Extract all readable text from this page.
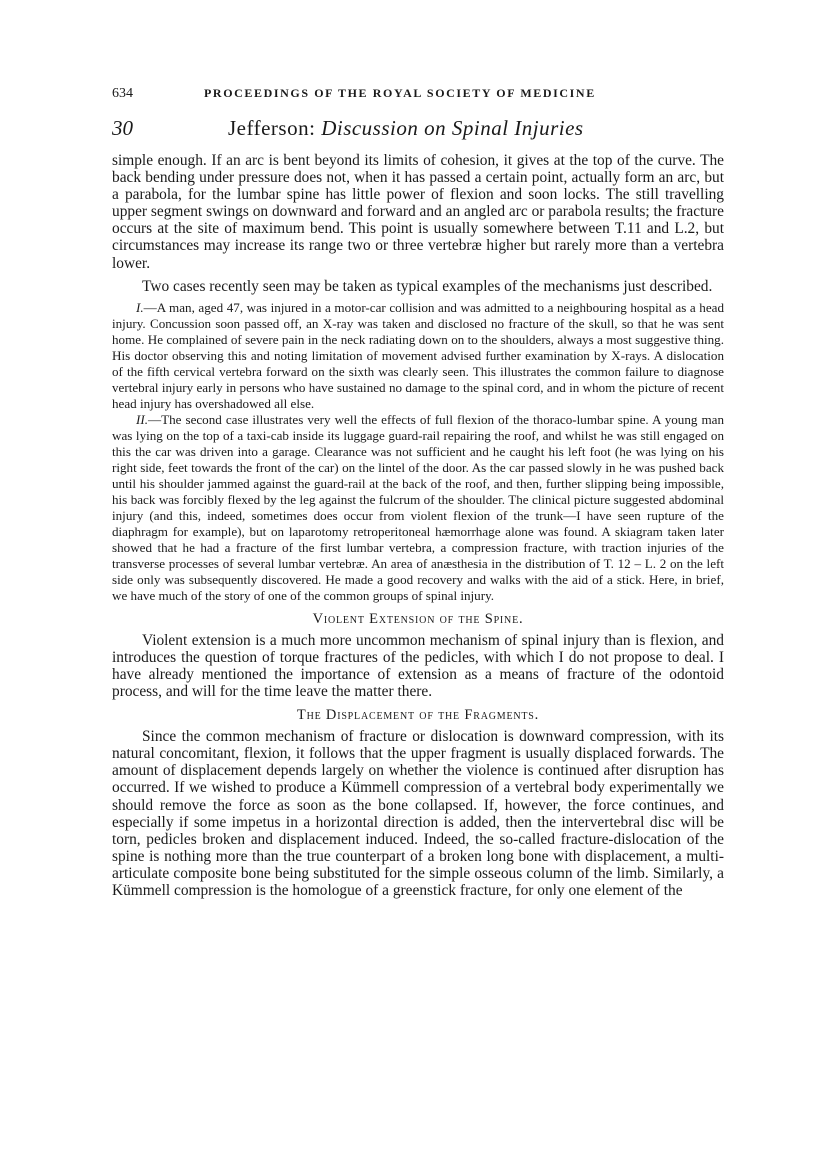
634	PROCEEDINGS OF THE ROYAL SOCIETY OF MEDICINE
30	Jefferson: Discussion on Spinal Injuries

simple enough. If an arc is bent beyond its limits of cohesion, it gives at the top of the curve. The back bending under pressure does not, when it has passed a certain point, actually form an arc, but a parabola, for the lumbar spine has little power of flexion and soon locks. The still travelling upper segment swings on downward and forward and an angled arc or parabola results; the fracture occurs at the site of maximum bend. This point is usually somewhere between T.11 and L.2, but circumstances may increase its range two or three vertebræ higher but rarely more than a vertebra lower.

Two cases recently seen may be taken as typical examples of the mechanisms just described.

I.—A man, aged 47, was injured in a motor-car collision and was admitted to a neighbouring hospital as a head injury. Concussion soon passed off, an X-ray was taken and disclosed no fracture of the skull, so that he was sent home. He complained of severe pain in the neck radiating down on to the shoulders, always a most suggestive thing. His doctor observing this and noting limitation of movement advised further examination by X-rays. A dislocation of the fifth cervical vertebra forward on the sixth was clearly seen. This illustrates the common failure to diagnose vertebral injury early in persons who have sustained no damage to the spinal cord, and in whom the picture of recent head injury has overshadowed all else.

II.—The second case illustrates very well the effects of full flexion of the thoraco-lumbar spine. A young man was lying on the top of a taxi-cab inside its luggage guard-rail repairing the roof, and whilst he was still engaged on this the car was driven into a garage. Clearance was not sufficient and he caught his left foot (he was lying on his right side, feet towards the front of the car) on the lintel of the door. As the car passed slowly in he was pushed back until his shoulder jammed against the guard-rail at the back of the roof, and then, further slipping being impossible, his back was forcibly flexed by the leg against the fulcrum of the shoulder. The clinical picture suggested abdominal injury (and this, indeed, sometimes does occur from violent flexion of the trunk—I have seen rupture of the diaphragm for example), but on laparotomy retroperitoneal hæmorrhage alone was found. A skiagram taken later showed that he had a fracture of the first lumbar vertebra, a compression fracture, with traction injuries of the transverse processes of several lumbar vertebræ. An area of anæsthesia in the distribution of T. 12 – L. 2 on the left side only was subsequently discovered. He made a good recovery and walks with the aid of a stick. Here, in brief, we have much of the story of one of the common groups of spinal injury.

Violent Extension of the Spine.

Violent extension is a much more uncommon mechanism of spinal injury than is flexion, and introduces the question of torque fractures of the pedicles, with which I do not propose to deal. I have already mentioned the importance of extension as a means of fracture of the odontoid process, and will for the time leave the matter there.

The Displacement of the Fragments.

Since the common mechanism of fracture or dislocation is downward compression, with its natural concomitant, flexion, it follows that the upper fragment is usually displaced forwards. The amount of displacement depends largely on whether the violence is continued after disruption has occurred. If we wished to produce a Kümmell compression of a vertebral body experimentally we should remove the force as soon as the bone collapsed. If, however, the force continues, and especially if some impetus in a horizontal direction is added, then the intervertebral disc will be torn, pedicles broken and displacement induced. Indeed, the so-called fracture-dislocation of the spine is nothing more than the true counterpart of a broken long bone with displacement, a multi-articulate composite bone being substituted for the simple osseous column of the limb. Similarly, a Kümmell compression is the homologue of a greenstick fracture, for only one element of the
